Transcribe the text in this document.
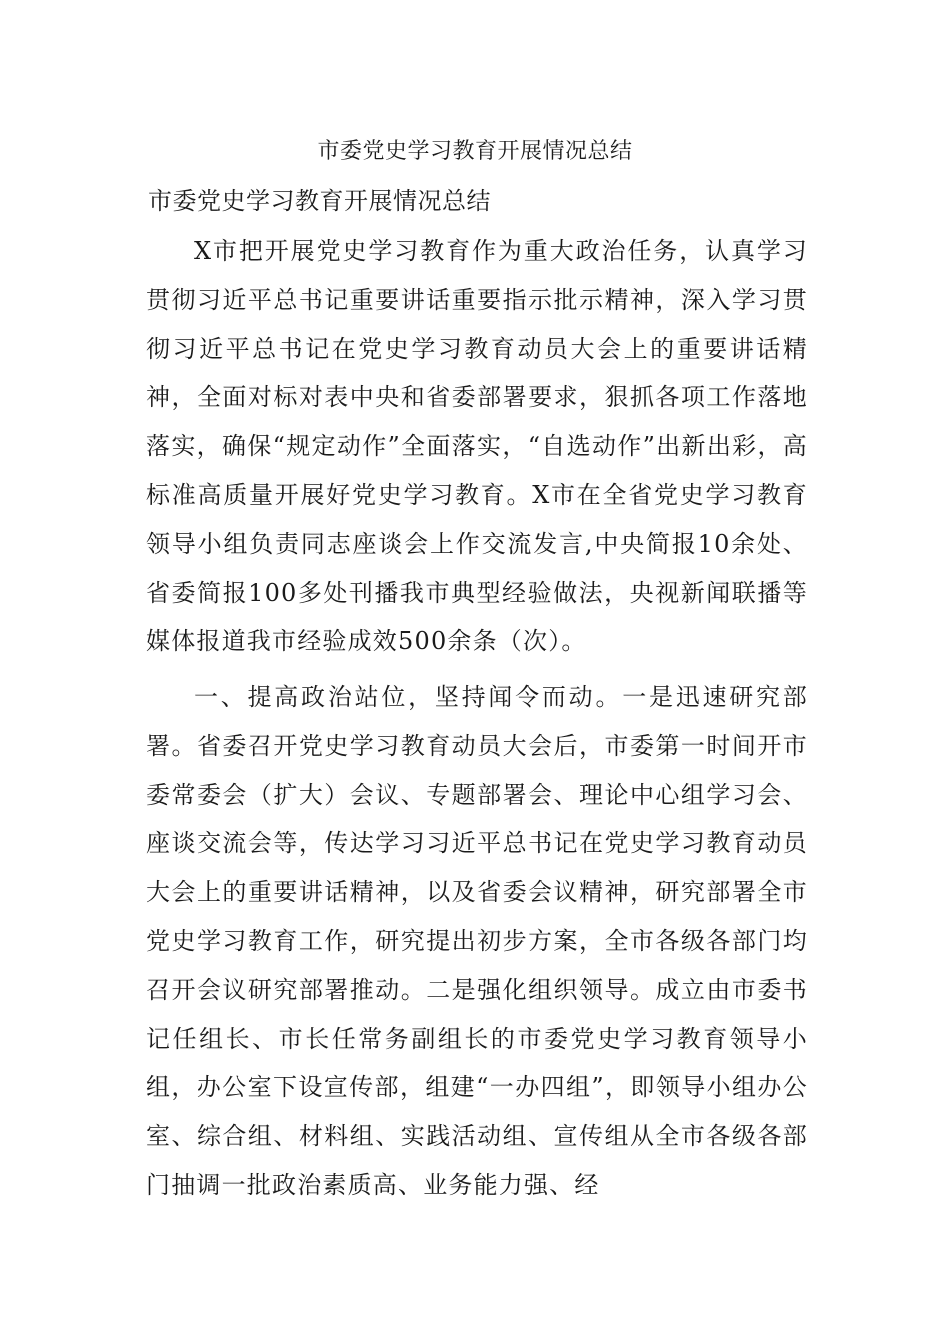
市委党史学习教育开展情况总结
市委党史学习教育开展情况总结

X市把开展党史学习教育作为重大政治任务，认真学习贯彻习近平总书记重要讲话重要指示批示精神，深入学习贯彻习近平总书记在党史学习教育动员大会上的重要讲话精神，全面对标对表中央和省委部署要求，狠抓各项工作落地落实，确保“规定动作”全面落实，“自选动作”出新出彩，高标准高质量开展好党史学习教育。X市在全省党史学习教育领导小组负责同志座谈会上作交流发言,中央简报10余处、省委简报100多处刊播我市典型经验做法，央视新闻联播等媒体报道我市经验成效500余条（次）。

一、提高政治站位，坚持闻令而动。一是迅速研究部署。省委召开党史学习教育动员大会后，市委第一时间开市委常委会（扩大）会议、专题部署会、理论中心组学习会、座谈交流会等，传达学习习近平总书记在党史学习教育动员大会上的重要讲话精神，以及省委会议精神，研究部署全市党史学习教育工作，研究提出初步方案，全市各级各部门均召开会议研究部署推动。二是强化组织领导。成立由市委书记任组长、市长任常务副组长的市委党史学习教育领导小组，办公室下设宣传部，组建“一办四组”，即领导小组办公室、综合组、材料组、实践活动组、宣传组从全市各级各部门抽调一批政治素质高、业务能力强、经
